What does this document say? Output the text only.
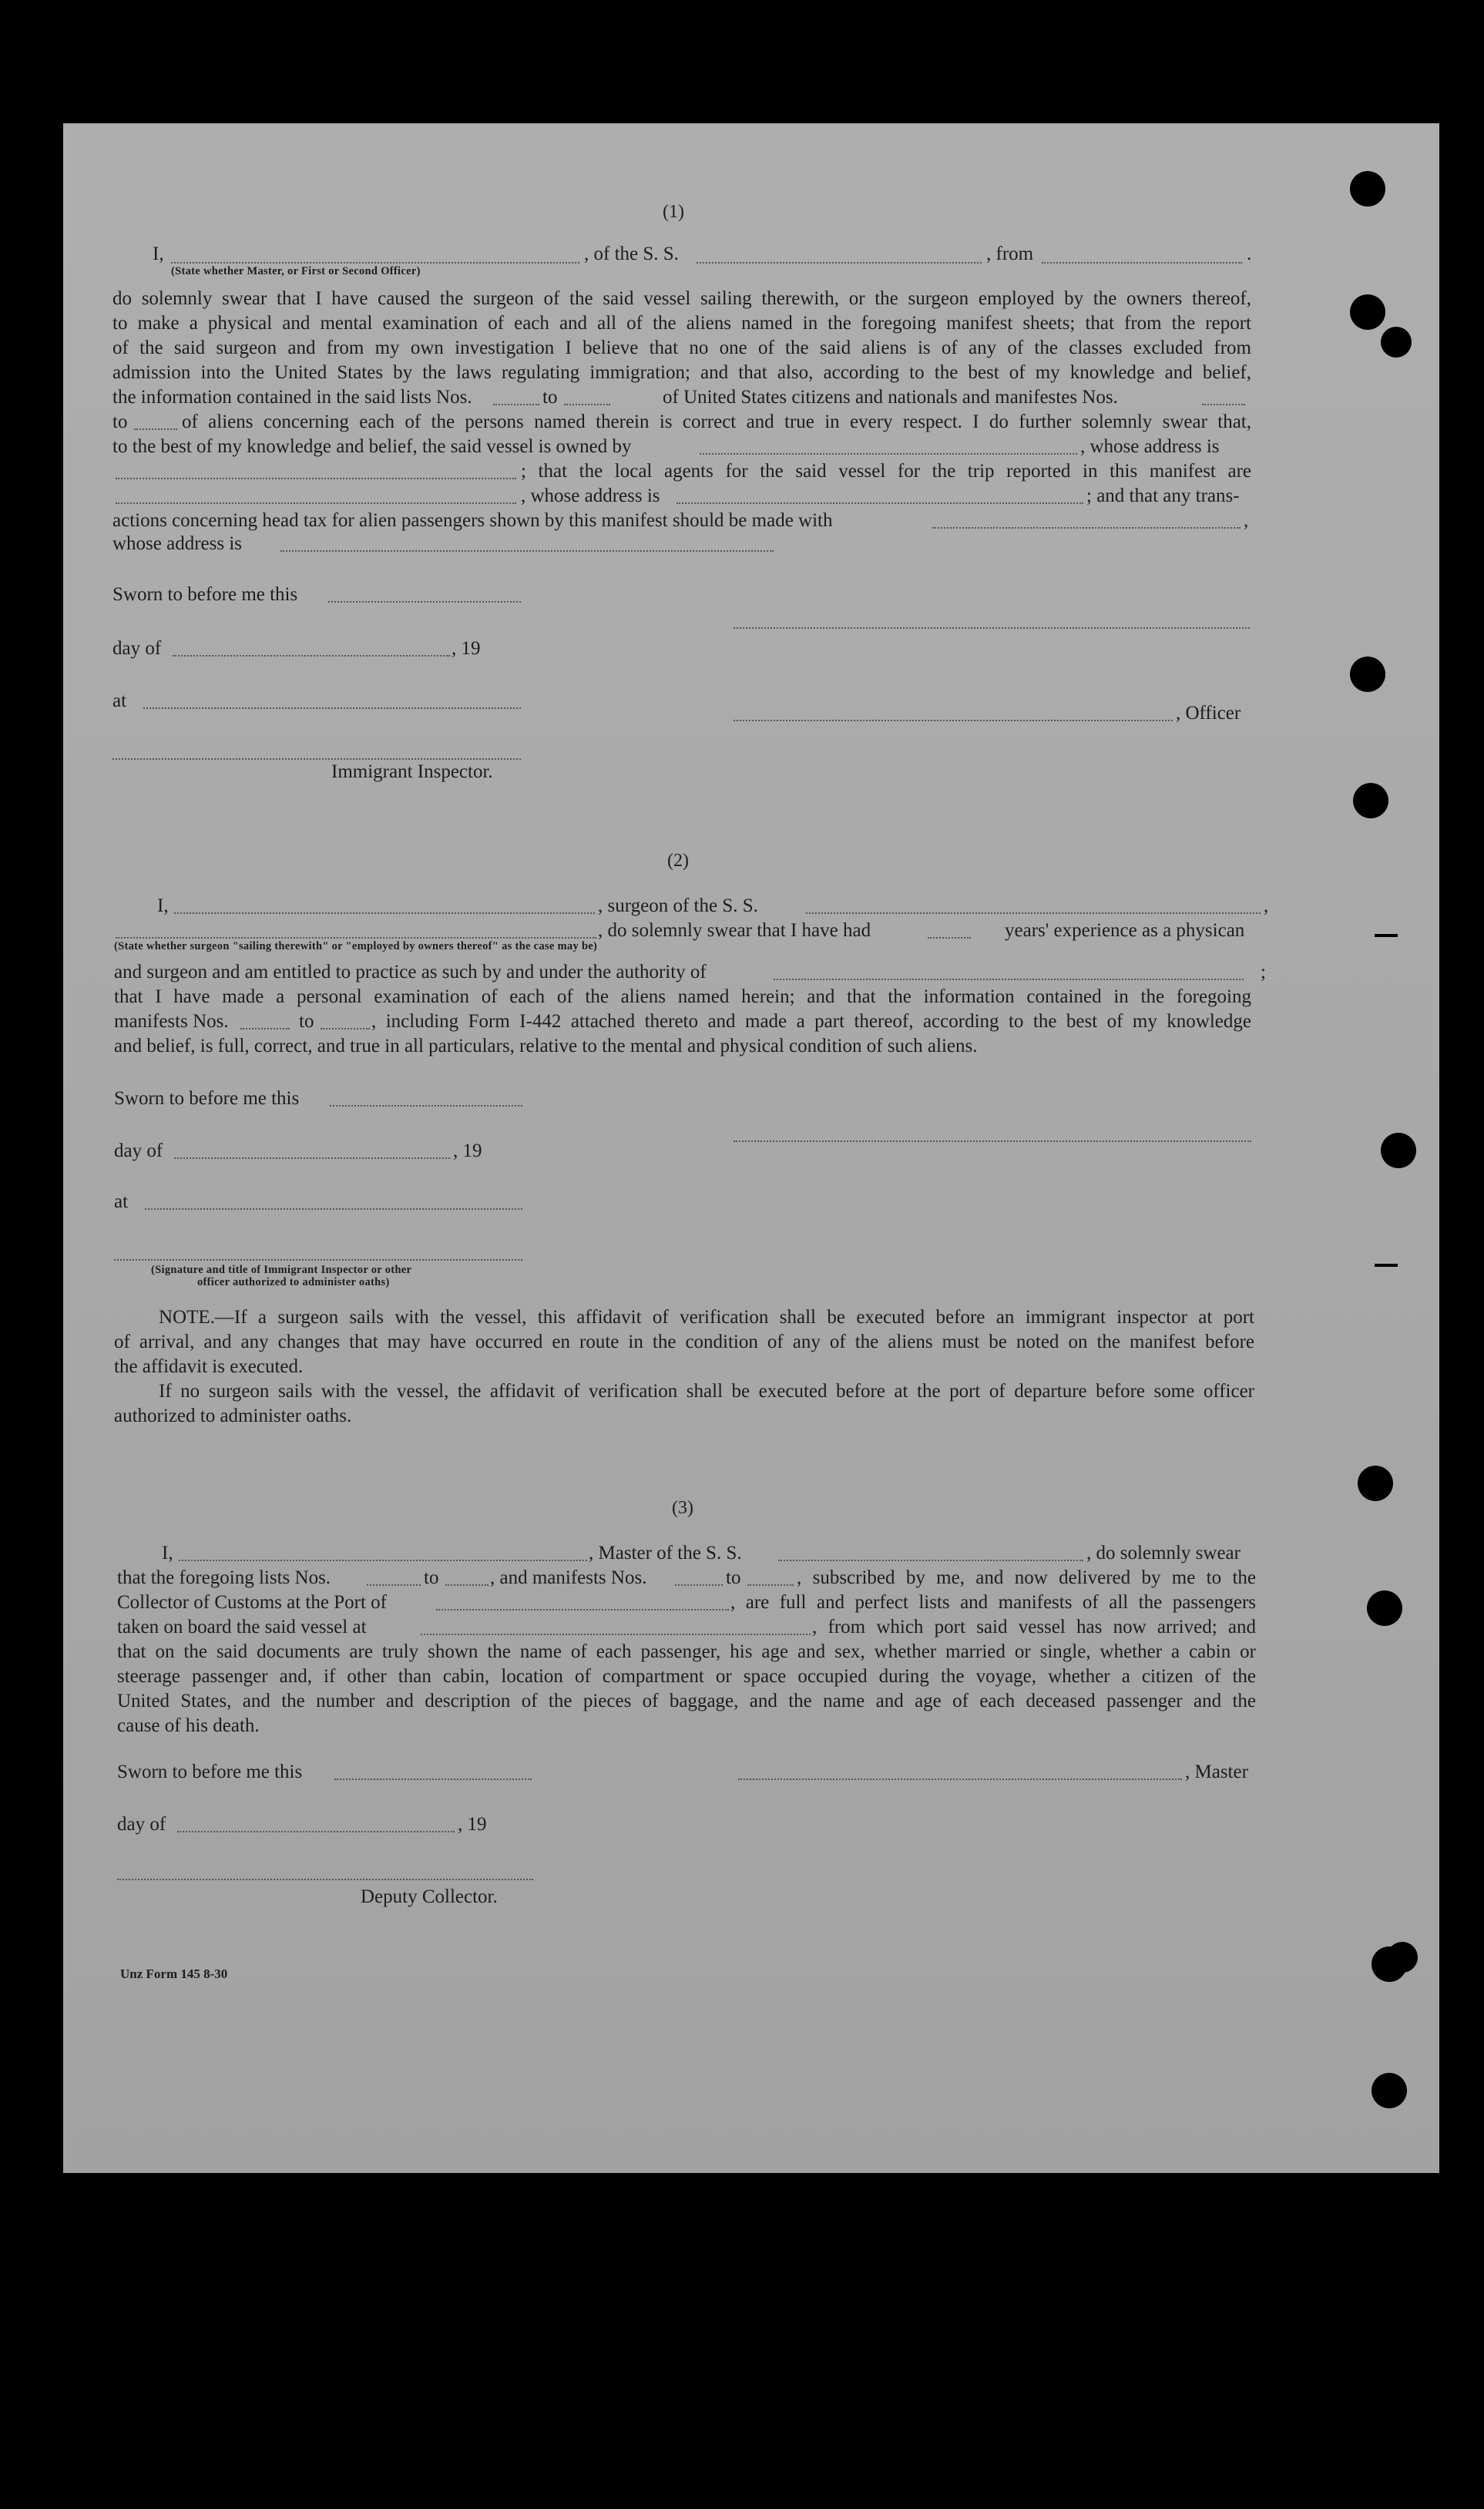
(1)
I,	, of the S. S.	, from	.
(State whether Master, or First or Second Officer)
do solemnly swear that I have caused the surgeon of the said vessel sailing therewith, or the surgeon employed by the owners thereof,
to make a physical and mental examination of each and all of the aliens named in the foregoing manifest sheets; that from the report
of the said surgeon and from my own investigation I believe that no one of the said aliens is of any of the classes excluded from
admission into the United States by the laws regulating immigration; and that also, according to the best of my knowledge and belief,
the information contained in the said lists Nos.	to	of United States citizens and nationals and manifestes Nos.
to	of aliens concerning each of the persons named therein is correct and true in every respect. I do further solemnly swear that,
to the best of my knowledge and belief, the said vessel is owned by	, whose address is
; that the local agents for the said vessel for the trip reported in this manifest are
, whose address is	; and that any trans-
actions concerning head tax for alien passengers shown by this manifest should be made with	,
whose address is
Sworn to before me this
day of	, 19
at
, Officer
Immigrant Inspector.
(2)
I,	, surgeon of the S. S.	,
, do solemnly swear that I have had	years' experience as a physican
(State whether surgeon "sailing therewith" or "employed by owners thereof" as the case may be)
and surgeon and am entitled to practice as such by and under the authority of	;
that I have made a personal examination of each of the aliens named herein; and that the information contained in the foregoing
manifests Nos.	to	, including Form I-442 attached thereto and made a part thereof, according to the best of my knowledge
and belief, is full, correct, and true in all particulars, relative to the mental and physical condition of such aliens.
Sworn to before me this
day of	, 19
at
(Signature and title of Immigrant Inspector or other
officer authorized to administer oaths)
NOTE.—If a surgeon sails with the vessel, this affidavit of verification shall be executed before an immigrant inspector at port
of arrival, and any changes that may have occurred en route in the condition of any of the aliens must be noted on the manifest before
the affidavit is executed.
If no surgeon sails with the vessel, the affidavit of verification shall be executed before at the port of departure before some officer
authorized to administer oaths.
(3)
I,	, Master of the S. S.	, do solemnly swear
that the foregoing lists Nos.	to	, and manifests Nos.	to	, subscribed by me, and now delivered by me to the
Collector of Customs at the Port of	, are full and perfect lists and manifests of all the passengers
taken on board the said vessel at	, from which port said vessel has now arrived; and
that on the said documents are truly shown the name of each passenger, his age and sex, whether married or single, whether a cabin or
steerage passenger and, if other than cabin, location of compartment or space occupied during the voyage, whether a citizen of the
United States, and the number and description of the pieces of baggage, and the name and age of each deceased passenger and the
cause of his death.
Sworn to before me this	, Master
day of	, 19
Deputy Collector.
Unz Form 145 8-30
